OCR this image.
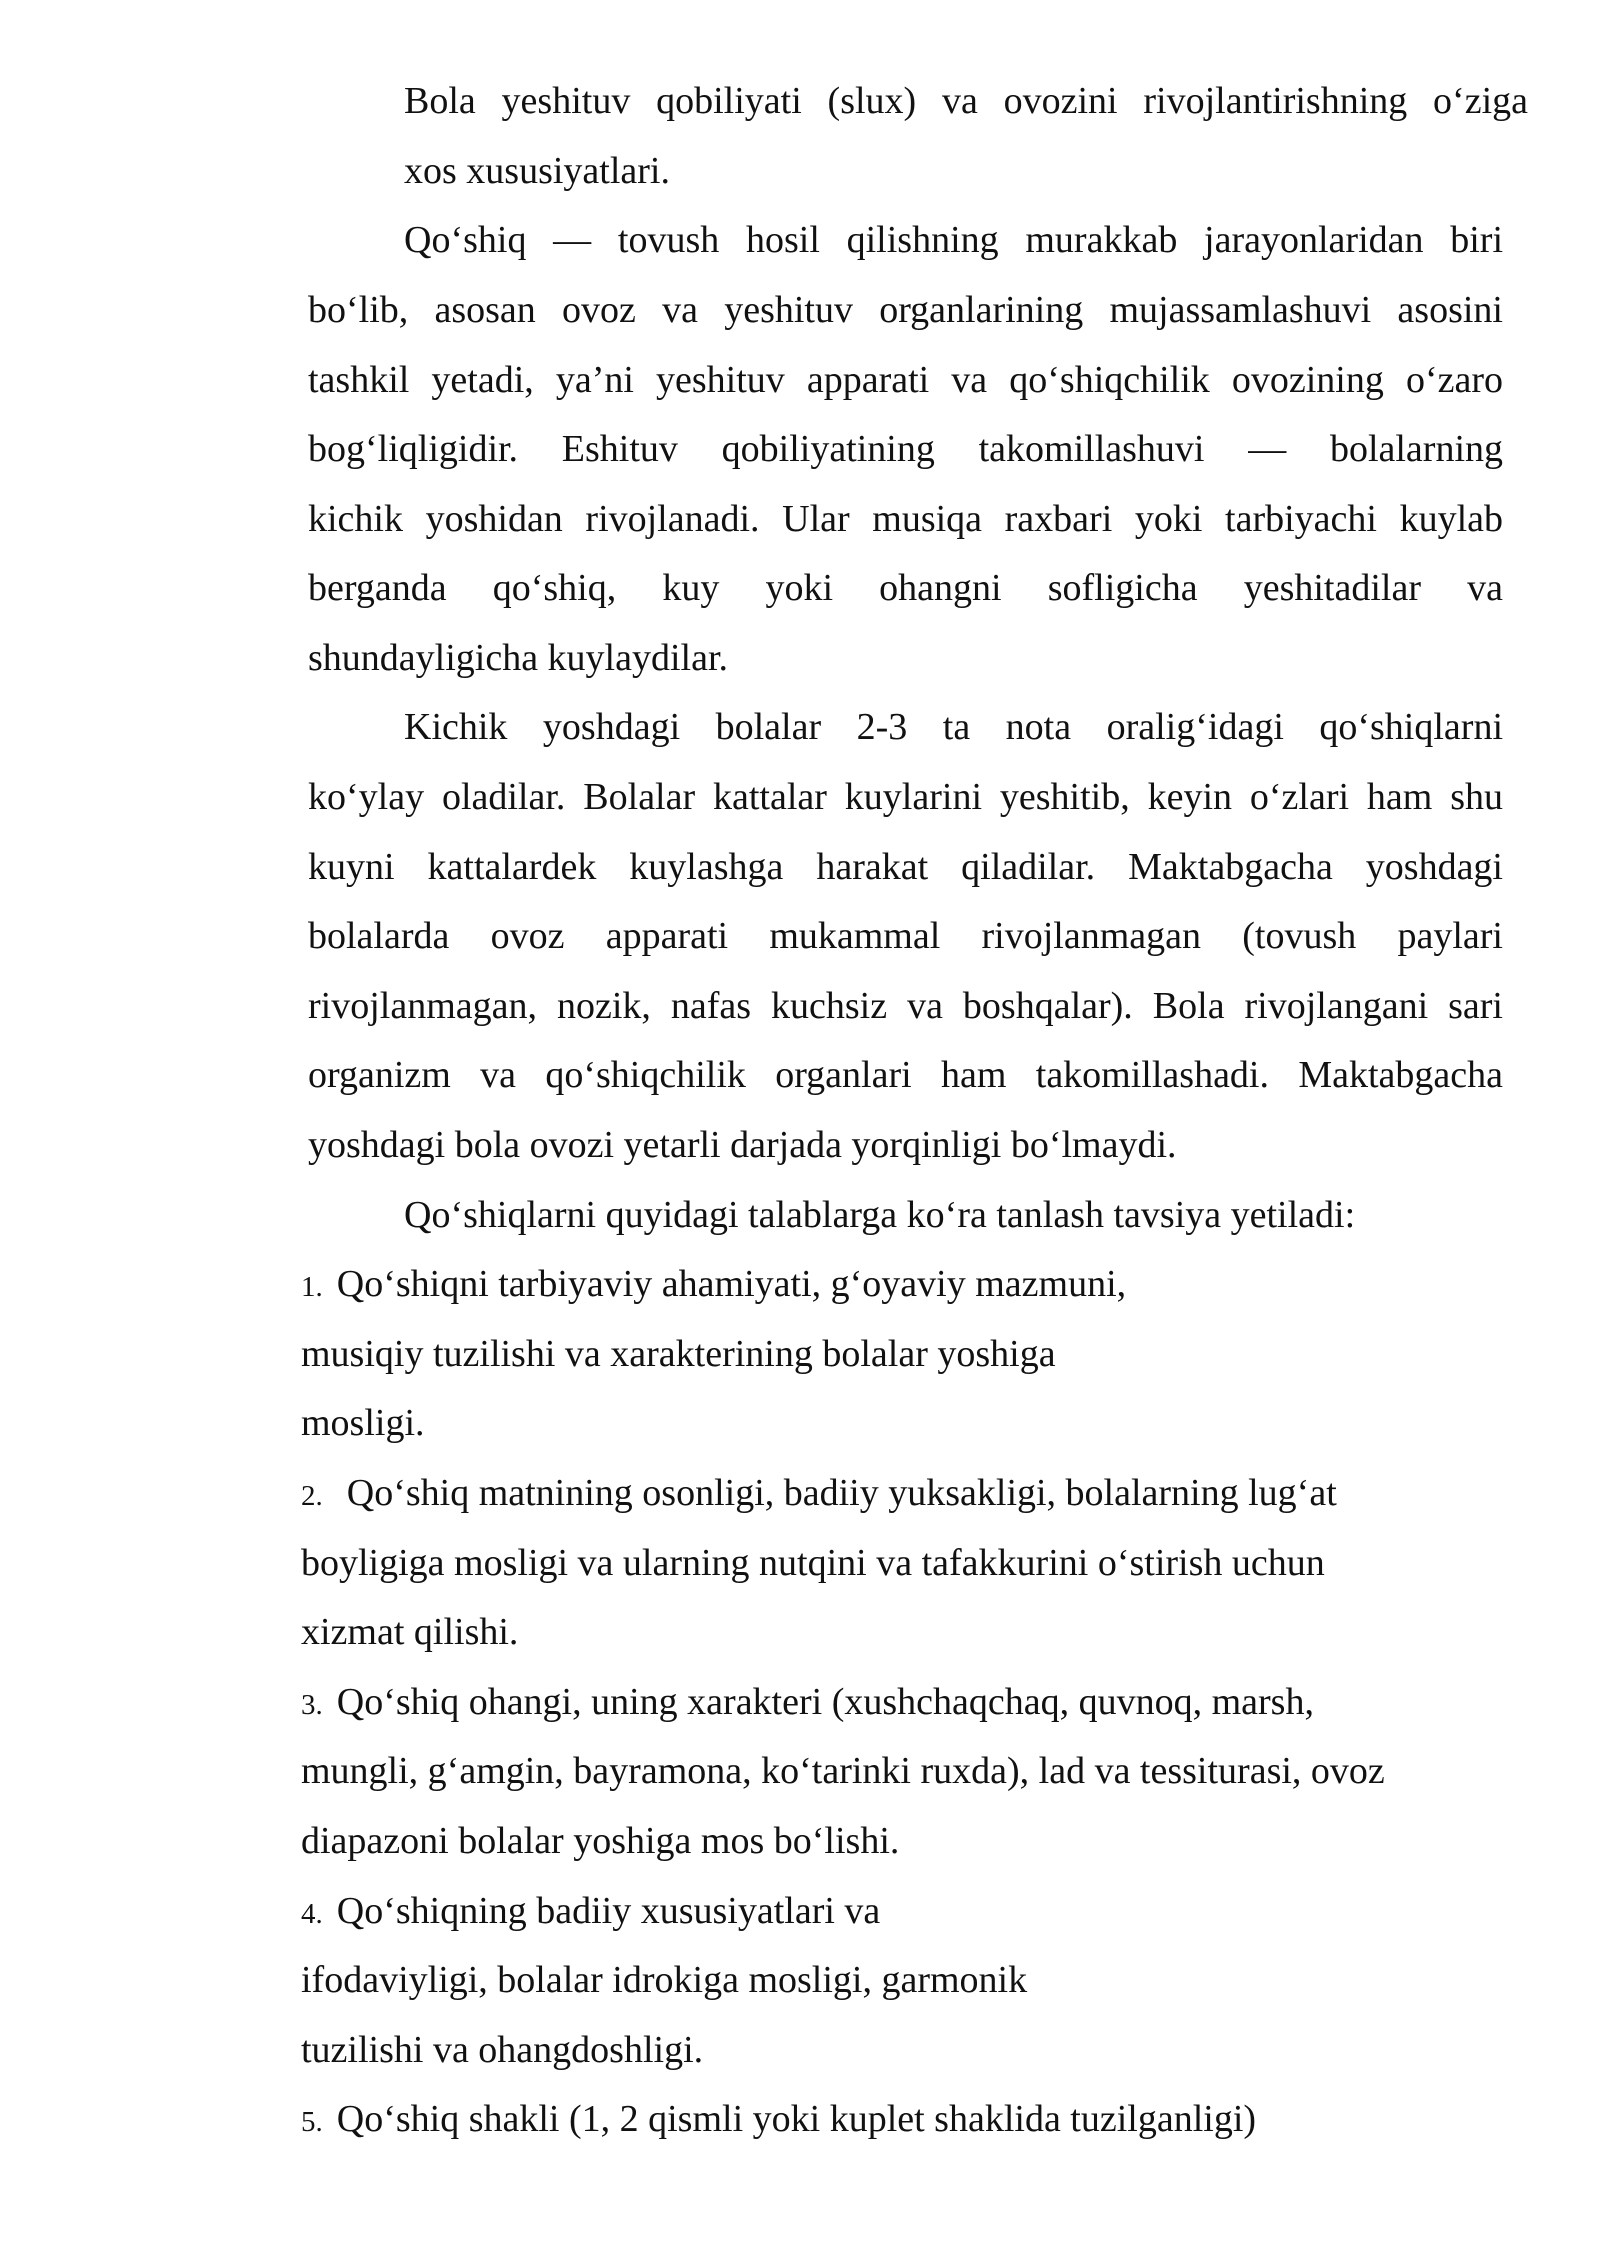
Bola yeshituv qobiliyati (slux) va ovozini rivojlantirishning o‘ziga

xos xususiyatlari.

Qo‘shiq — tovush hosil qilishning murakkab jarayonlaridan biri

bo‘lib, asosan ovoz va yeshituv organlarining mujassamlashuvi asosini

tashkil yetadi, ya’ni yeshituv apparati va qo‘shiqchilik ovozining o‘zaro

bog‘liqligidir. Eshituv qobiliyatining takomillashuvi — bolalarning

kichik yoshidan rivojlanadi. Ular musiqa raxbari yoki tarbiyachi kuylab

berganda qo‘shiq, kuy yoki ohangni sofligicha yeshitadilar va

shundayligicha kuylaydilar.

Kichik yoshdagi bolalar 2-3 ta nota oralig‘idagi qo‘shiqlarni

ko‘ylay oladilar. Bolalar kattalar kuylarini yeshitib, keyin o‘zlari ham shu

kuyni kattalardek kuylashga harakat qiladilar. Maktabgacha yoshdagi

bolalarda ovoz apparati mukammal rivojlanmagan (tovush paylari

rivojlanmagan, nozik, nafas kuchsiz va boshqalar). Bola rivojlangani sari

organizm va qo‘shiqchilik organlari ham takomillashadi. Maktabgacha

yoshdagi bola ovozi yetarli darjada yorqinligi bo‘lmaydi.

Qo‘shiqlarni quyidagi talablarga ko‘ra tanlash tavsiya yetiladi:

1. Qo‘shiqni tarbiyaviy ahamiyati, g‘oyaviy mazmuni,

musiqiy tuzilishi va xarakterining bolalar yoshiga

mosligi.

2. Qo‘shiq matnining osonligi, badiiy yuksakligi, bolalarning lug‘at

boyligiga mosligi va ularning nutqini va tafakkurini o‘stirish uchun

xizmat qilishi.

3. Qo‘shiq ohangi, uning xarakteri (xushchaqchaq, quvnoq, marsh,

mungli, g‘amgin, bayramona, ko‘tarinki ruxda), lad va tessiturasi, ovoz

diapazoni bolalar yoshiga mos bo‘lishi.

4. Qo‘shiqning badiiy xususiyatlari va

ifodaviyligi, bolalar idrokiga mosligi, garmonik

tuzilishi va ohangdoshligi.

5. Qo‘shiq shakli (1, 2 qismli yoki kuplet shaklida tuzilganligi)
